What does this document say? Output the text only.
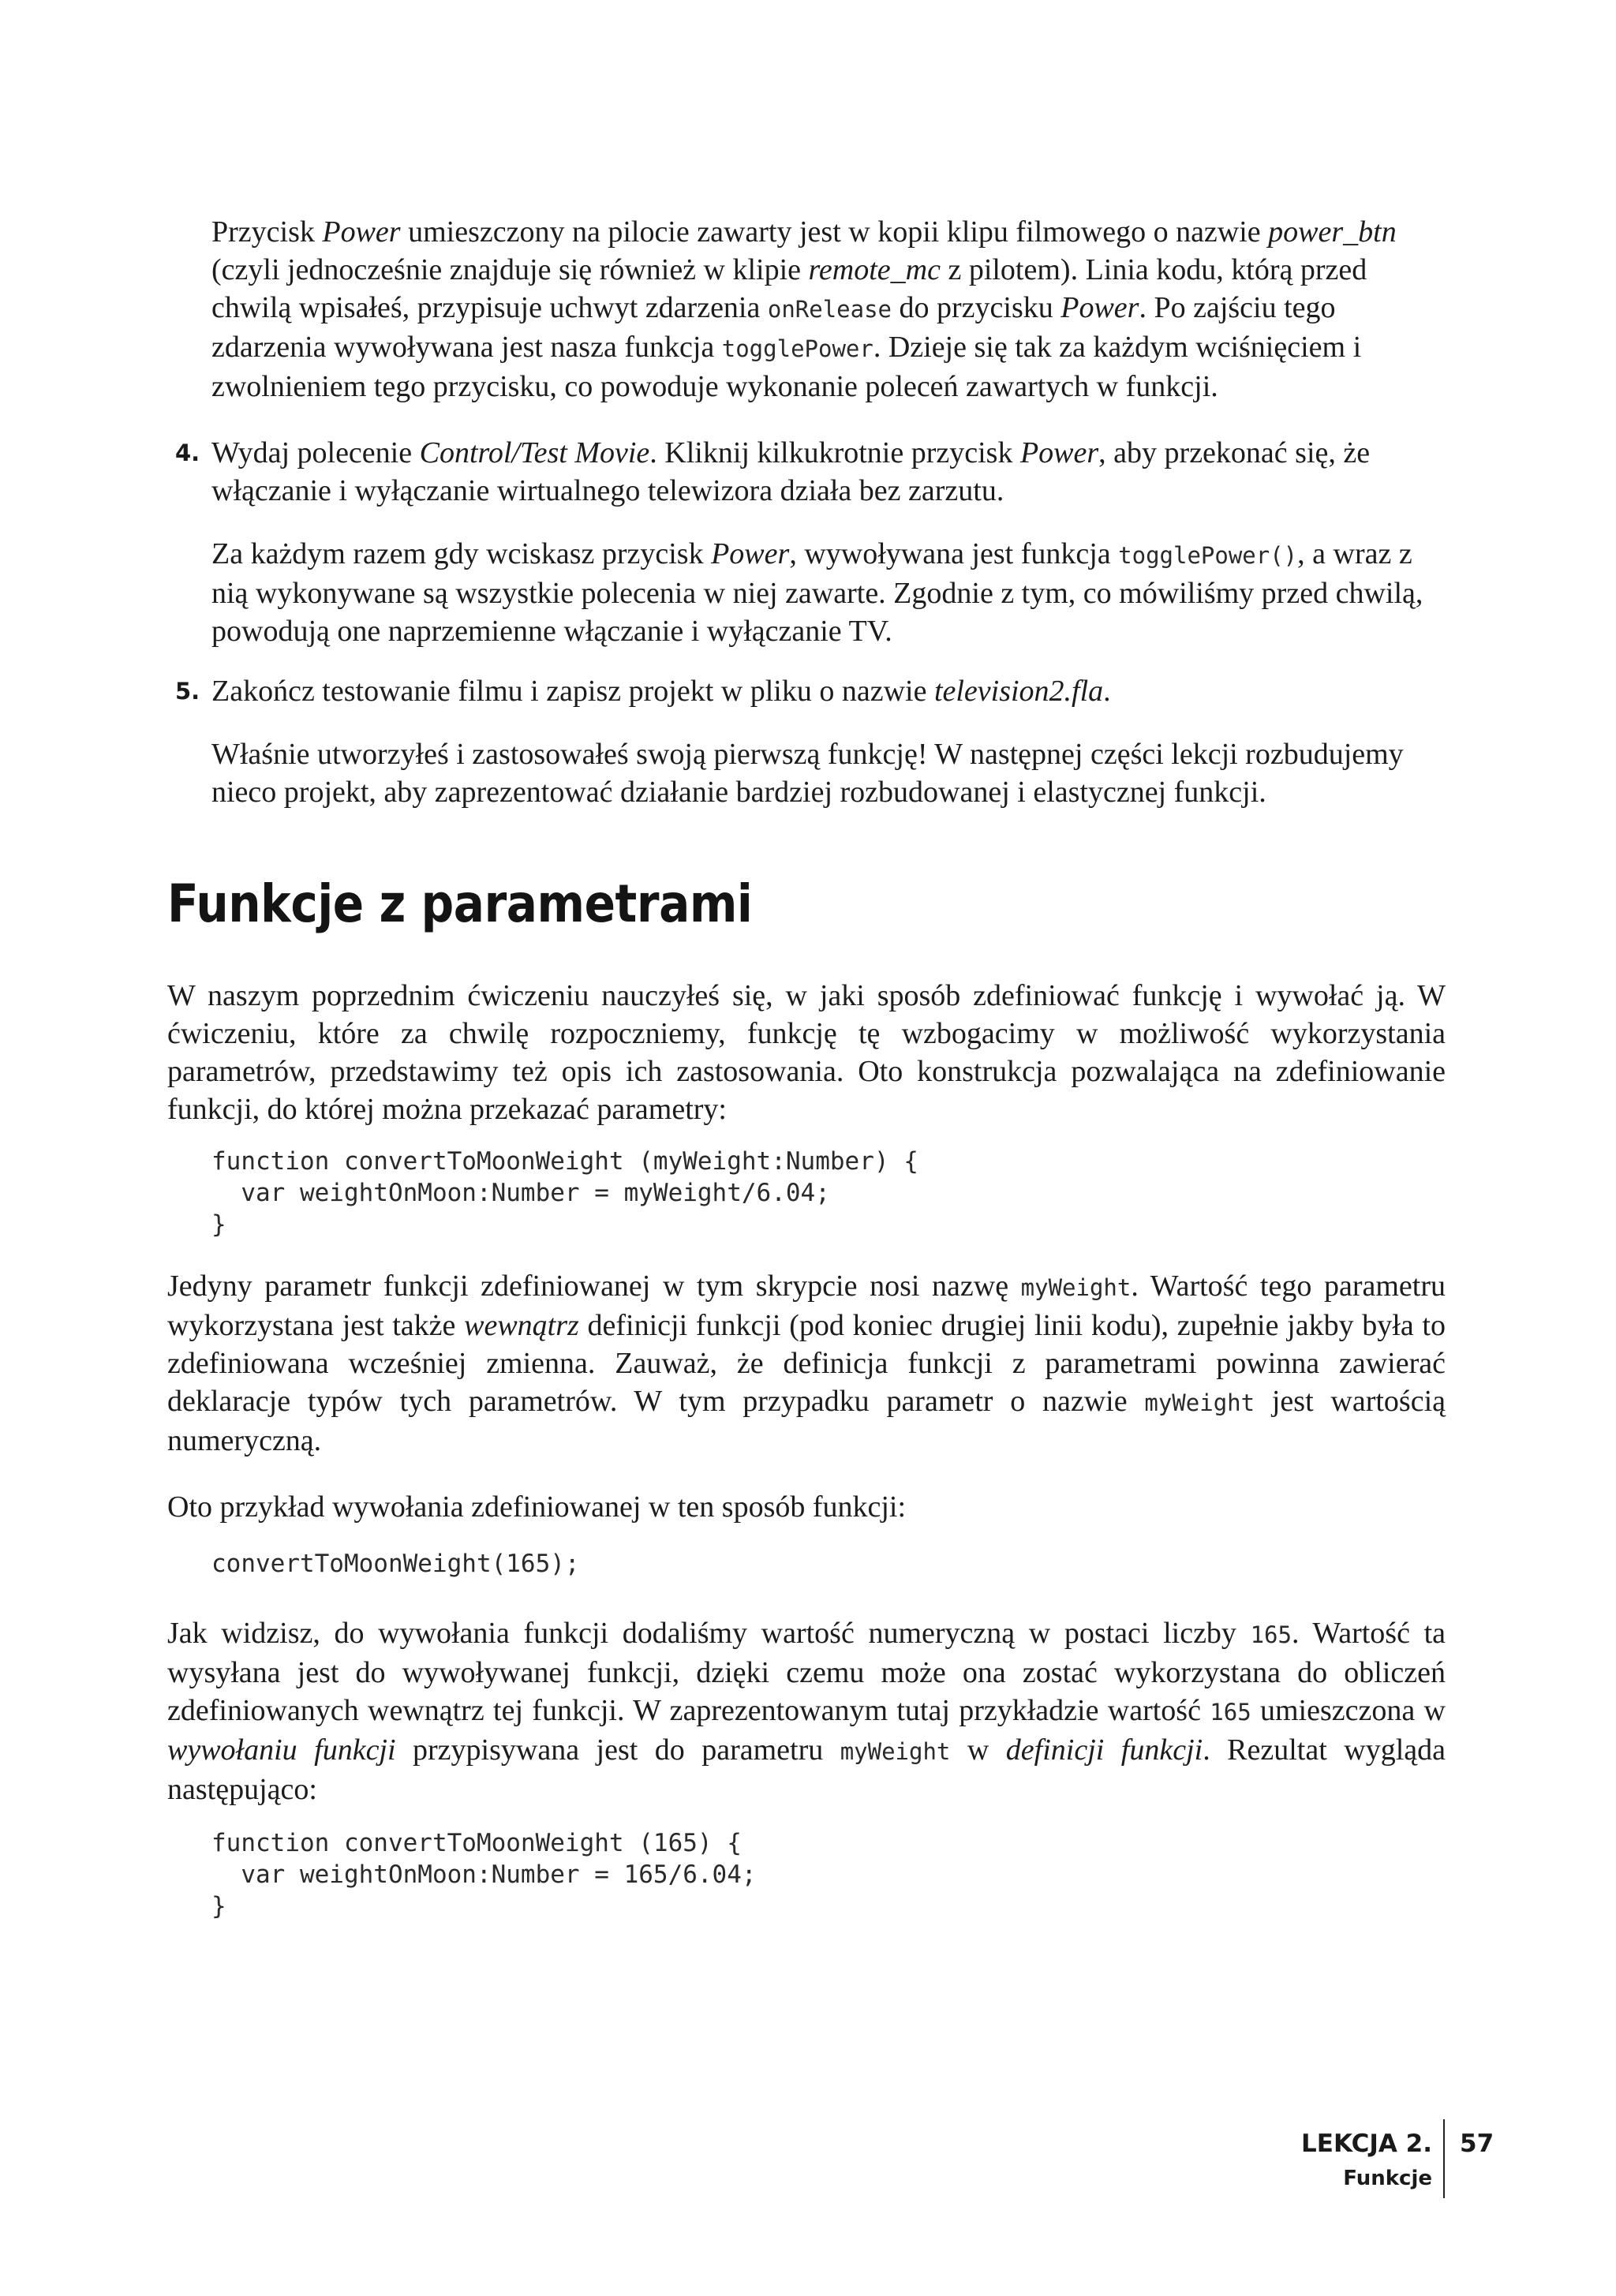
Przycisk Power umieszczony na pilocie zawarty jest w kopii klipu filmowego o nazwie power_btn (czyli jednocześnie znajduje się również w klipie remote_mc z pilotem). Linia kodu, którą przed chwilą wpisałeś, przypisuje uchwyt zdarzenia onRelease do przycisku Power. Po zajściu tego zdarzenia wywoływana jest nasza funkcja togglePower. Dzieje się tak za każdym wciśnięciem i zwolnieniem tego przycisku, co powoduje wykonanie poleceń zawartych w funkcji.

4. Wydaj polecenie Control/Test Movie. Kliknij kilkukrotnie przycisk Power, aby przekonać się, że włączanie i wyłączanie wirtualnego telewizora działa bez zarzutu.

Za każdym razem gdy wciskasz przycisk Power, wywoływana jest funkcja togglePower(), a wraz z nią wykonywane są wszystkie polecenia w niej zawarte. Zgodnie z tym, co mówiliśmy przed chwilą, powodują one naprzemienne włączanie i wyłączanie TV.

5. Zakończ testowanie filmu i zapisz projekt w pliku o nazwie television2.fla.

Właśnie utworzyłeś i zastosowałeś swoją pierwszą funkcję! W następnej części lekcji rozbudujemy nieco projekt, aby zaprezentować działanie bardziej rozbudowanej i elastycznej funkcji.

Funkcje z parametrami

W naszym poprzednim ćwiczeniu nauczyłeś się, w jaki sposób zdefiniować funkcję i wywołać ją. W ćwiczeniu, które za chwilę rozpoczniemy, funkcję tę wzbogacimy w możliwość wykorzystania parametrów, przedstawimy też opis ich zastosowania. Oto konstrukcja pozwalająca na zdefiniowanie funkcji, do której można przekazać parametry:

function convertToMoonWeight (myWeight:Number) {
var weightOnMoon:Number = myWeight/6.04;
}

Jedyny parametr funkcji zdefiniowanej w tym skrypcie nosi nazwę myWeight. Wartość tego parametru wykorzystana jest także wewnątrz definicji funkcji (pod koniec drugiej linii kodu), zupełnie jakby była to zdefiniowana wcześniej zmienna. Zauważ, że definicja funkcji z parametrami powinna zawierać deklaracje typów tych parametrów. W tym przypadku parametr o nazwie myWeight jest wartością numeryczną.

Oto przykład wywołania zdefiniowanej w ten sposób funkcji:

convertToMoonWeight(165);

Jak widzisz, do wywołania funkcji dodaliśmy wartość numeryczną w postaci liczby 165. Wartość ta wysyłana jest do wywoływanej funkcji, dzięki czemu może ona zostać wykorzystana do obliczeń zdefiniowanych wewnątrz tej funkcji. W zaprezentowanym tutaj przykładzie wartość 165 umieszczona w wywołaniu funkcji przypisywana jest do parametru myWeight w definicji funkcji. Rezultat wygląda następująco:

function convertToMoonWeight (165) {
var weightOnMoon:Number = 165/6.04;
}
LEKCJA 2.
Funkcje
57
